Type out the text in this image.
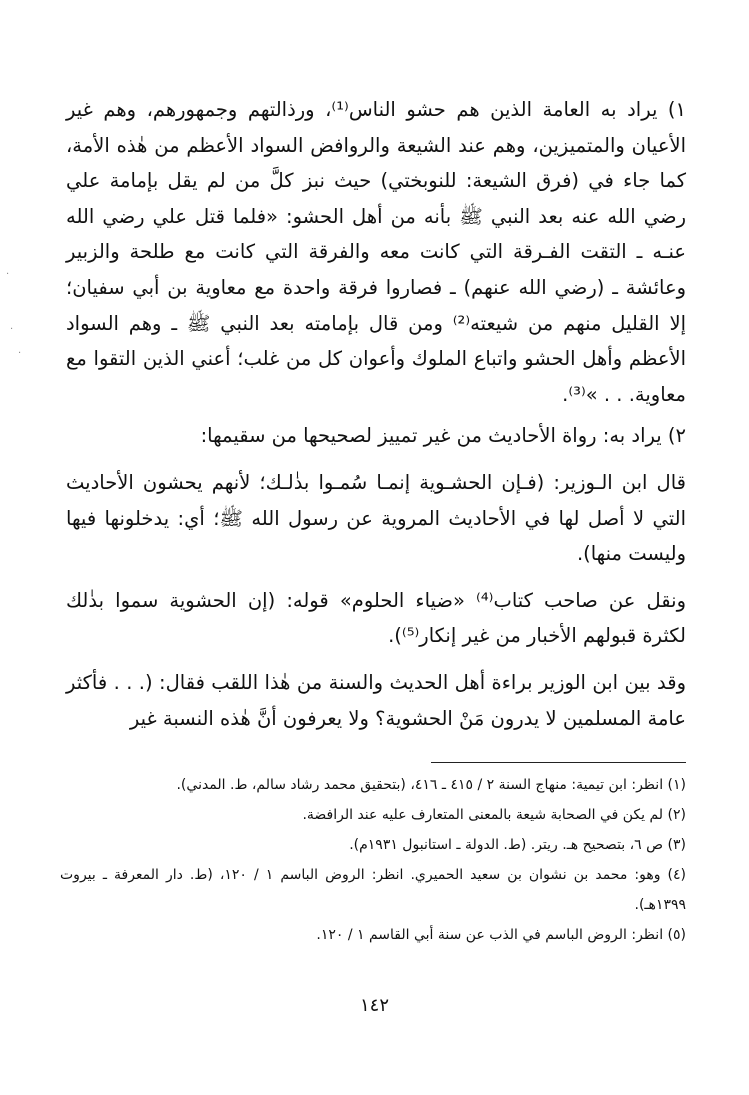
١) يراد به العامة الذين هم حشو الناس⁽¹⁾، ورذالتهم وجمهورهم، وهم غير الأعيان والمتميزين، وهم عند الشيعة والروافض السواد الأعظم من هٰذه الأمة، كما جاء في (فرق الشيعة: للنوبختي) حيث نبز كلَّ من لم يقل بإمامة علي رضي الله عنه بعد النبي ﷺ بأنه من أهل الحشو: «فلما قتل علي رضي الله عنـه ـ التقت الفـرقة التي كانت معه والفرقة التي كانت مع طلحة والزبير وعائشة ـ (رضي الله عنهم) ـ فصاروا فرقة واحدة مع معاوية بن أبي سفيان؛ إلا القليل منهم من شيعته⁽²⁾ ومن قال بإمامته بعد النبي ﷺ ـ وهم السواد الأعظم وأهل الحشو واتباع الملوك وأعوان كل من غلب؛ أعني الذين التقوا مع معاوية. . . »⁽³⁾.

٢) يراد به: رواة الأحاديث من غير تمييز لصحيحها من سقيمها:

قال ابن الـوزير: (فـإن الحشـوية إنمـا سُمـوا بذٰلـك؛ لأنهم يحشون الأحاديث التي لا أصل لها في الأحاديث المروية عن رسول الله ﷺ؛ أي: يدخلونها فيها وليست منها).

ونقل عن صاحب كتاب⁽⁴⁾ «ضياء الحلوم» قوله: (إن الحشوية سموا بذٰلك لكثرة قبولهم الأخبار من غير إنكار⁽⁵⁾).

وقد بين ابن الوزير براءة أهل الحديث والسنة من هٰذا اللقب فقال: (. . . فأكثر عامة المسلمين لا يدرون مَنْ الحشوية؟ ولا يعرفون أنَّ هٰذه النسبة غير

(١) انظر: ابن تيمية: منهاج السنة ٢ / ٤١٥ ـ ٤١٦، (بتحقيق محمد رشاد سالم، ط. المدني).

(٢) لم يكن في الصحابة شيعة بالمعنى المتعارف عليه عند الرافضة.

(٣) ص ٦، بتصحيح هـ. ريتر. (ط. الدولة ـ استانبول ١٩٣١م).

(٤) وهو: محمد بن نشوان بن سعيد الحميري. انظر: الروض الباسم ١ / ١٢٠، (ط. دار المعرفة ـ بيروت ١٣٩٩هـ).

(٥) انظر: الروض الباسم في الذب عن سنة أبي القاسم ١ / ١٢٠.

١٤٢
·
·
·
